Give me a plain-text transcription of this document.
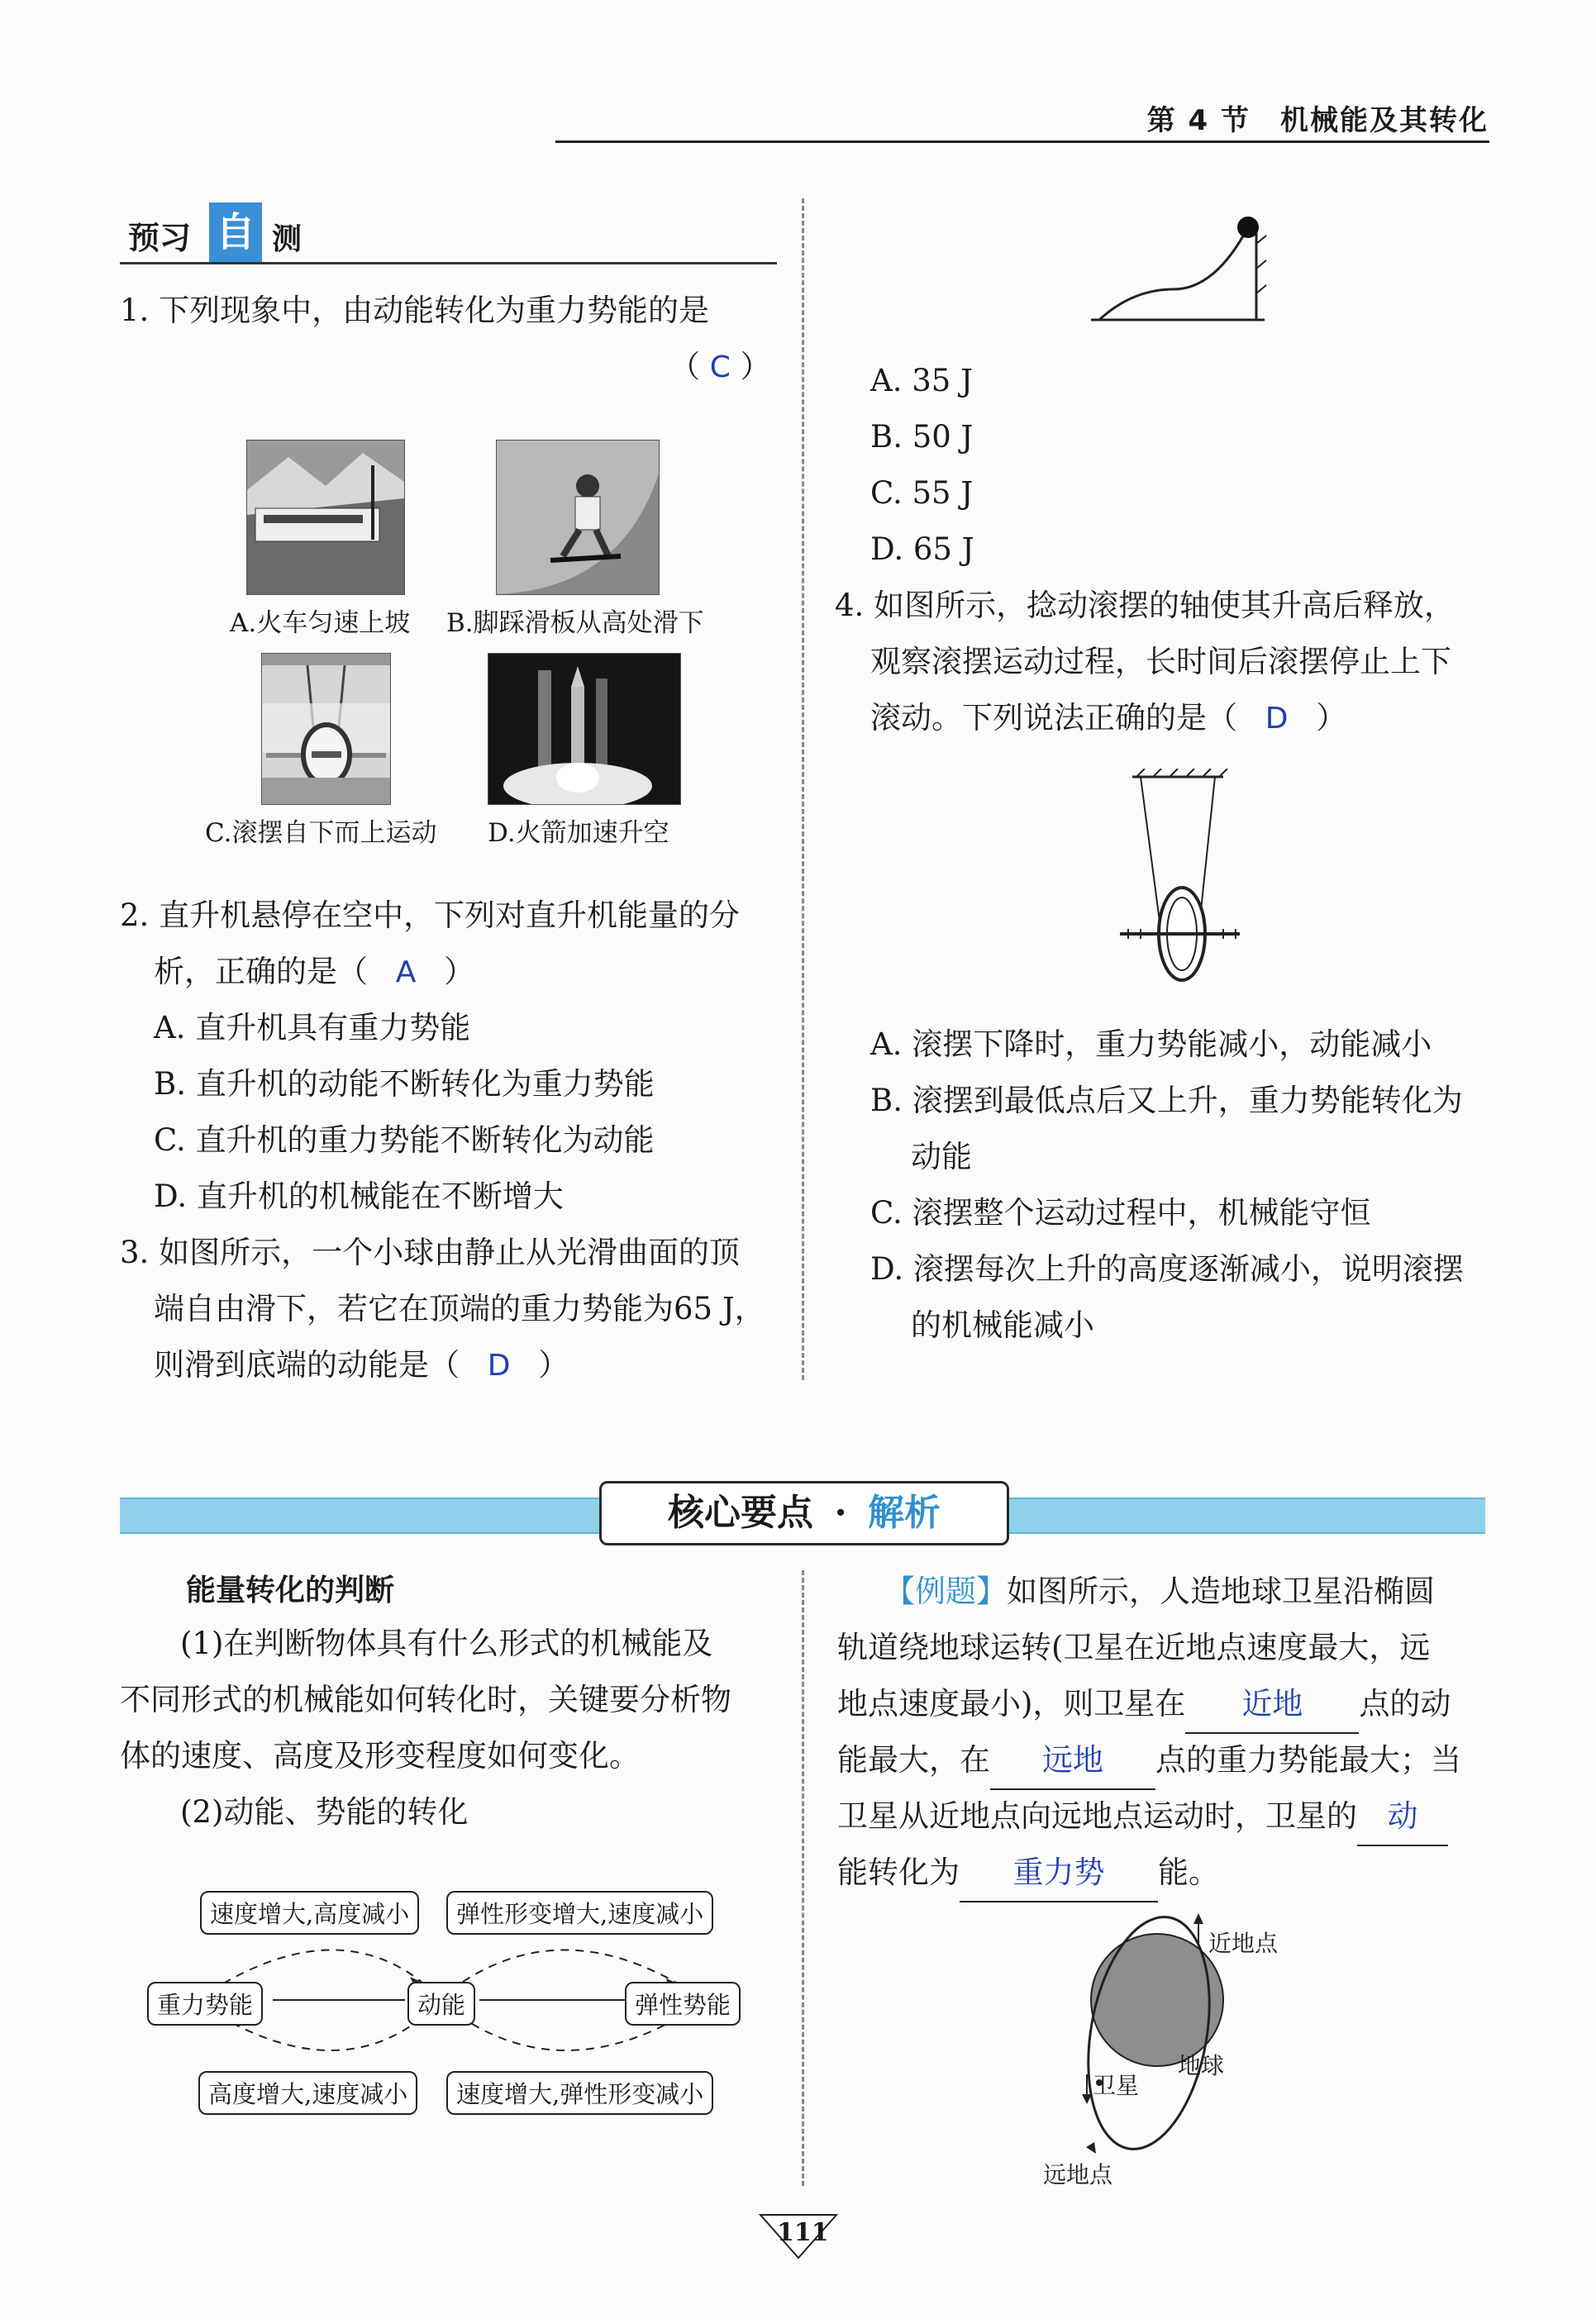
第 4 节　机械能及其转化
预习 自 测
1. 下列现象中，由动能转化为重力势能的是
（ C ）
A.火车匀速上坡 B.脚踩滑板从高处滑下
C.滚摆自下而上运动 D.火箭加速升空
2. 直升机悬停在空中，下列对直升机能量的分
析，正确的是（ A ）
A. 直升机具有重力势能
B. 直升机的动能不断转化为重力势能
C. 直升机的重力势能不断转化为动能
D. 直升机的机械能在不断增大
3. 如图所示，一个小球由静止从光滑曲面的顶
端自由滑下，若它在顶端的重力势能为65 J，
则滑到底端的动能是（ D ）
A. 35 J
B. 50 J
C. 55 J
D. 65 J
4. 如图所示，捻动滚摆的轴使其升高后释放，
观察滚摆运动过程，长时间后滚摆停止上下
滚动。下列说法正确的是（ D ）
A. 滚摆下降时，重力势能减小，动能减小
B. 滚摆到最低点后又上升，重力势能转化为
动能
C. 滚摆整个运动过程中，机械能守恒
D. 滚摆每次上升的高度逐渐减小，说明滚摆
的机械能减小
核心要点 · 解析
能量转化的判断
(1)在判断物体具有什么形式的机械能及
不同形式的机械能如何转化时，关键要分析物
体的速度、高度及形变程度如何变化。
(2)动能、势能的转化
速度增大,高度减小	弹性形变增大,速度减小
重力势能	动能	弹性势能
高度增大,速度减小	速度增大,弹性形变减小
【例题】如图所示，人造地球卫星沿椭圆
轨道绕地球运转(卫星在近地点速度最大，远
地点速度最小)，则卫星在 近地 点的动
能最大，在 远地 点的重力势能最大；当
卫星从近地点向远地点运动时，卫星的 动
能转化为 重力势 能。
近地点
地球
卫星
远地点
111
